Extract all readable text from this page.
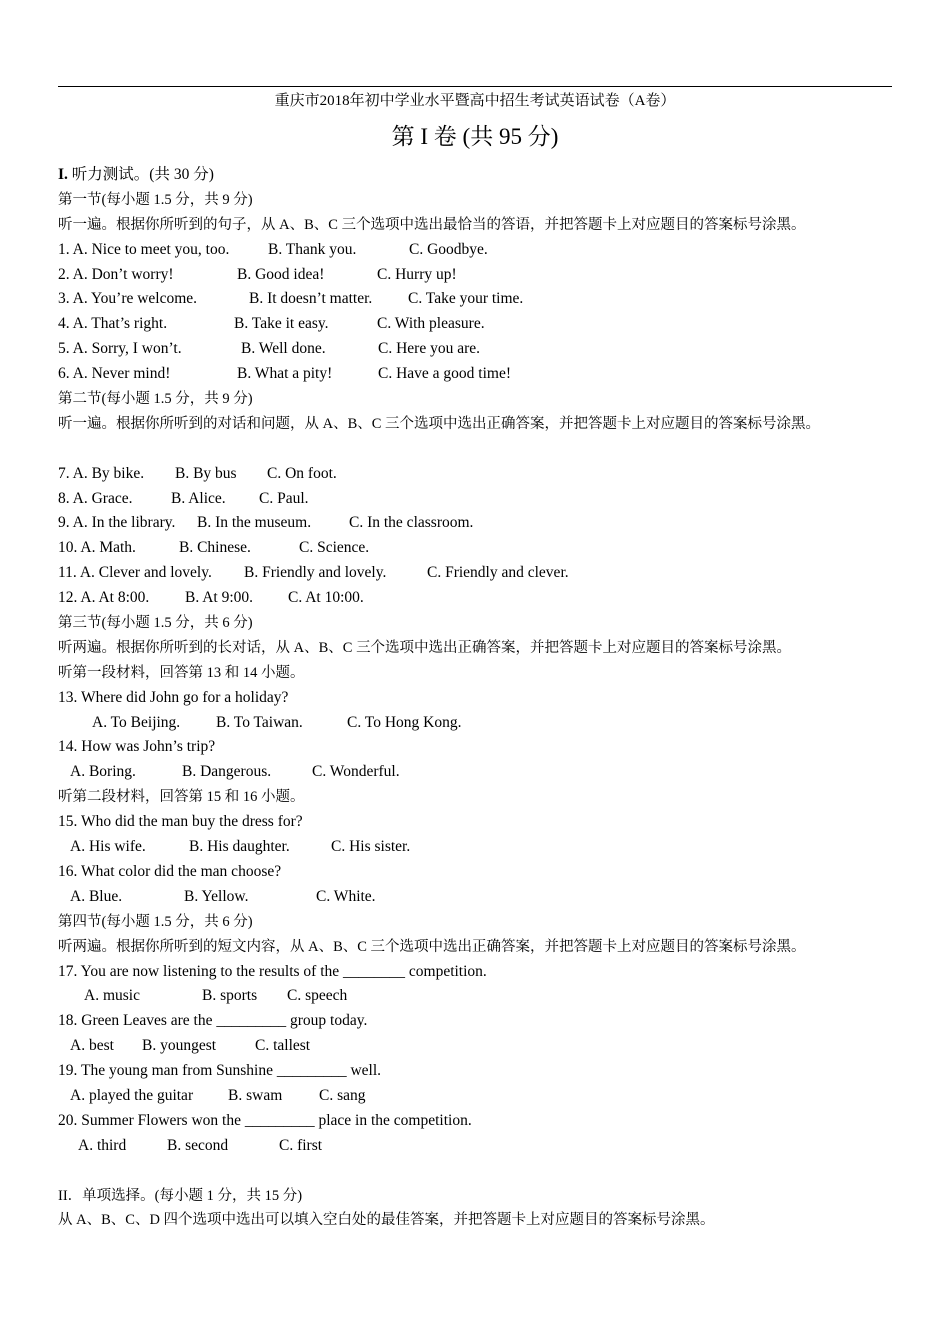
重庆市2018年初中学业水平暨高中招生考试英语试卷（A卷）
第 I 卷 (共 95 分)
I. 听力测试。(共 30 分)
第一节(每小题 1.5 分，共 9 分)
听一遍。根据你所听到的句子，从 A、B、C 三个选项中选出最恰当的答语，并把答题卡上对应题目的答案标号涂黑。
1. A. Nice to meet you, too. B. Thank you.	C. Goodbye.
2. A. Don’t worry!	B. Good idea!	C. Hurry up!
3. A. You’re welcome.	B. It doesn’t matter. C. Take your time.
4. A. That’s right.	B. Take it easy.	C. With pleasure.
5. A. Sorry, I won’t.	B. Well done.	C. Here you are.
6. A. Never mind!	B. What a pity!	C. Have a good time!
第二节(每小题 1.5 分，共 9 分)
听一遍。根据你所听到的对话和问题，从 A、B、C 三个选项中选出正确答案，并把答题卡上对应题目的答案标号涂黑。
7. A. By bike. B. By bus C. On foot.
8. A. Grace. B. Alice. C. Paul.
9. A. In the library. B. In the museum. C. In the classroom.
10. A. Math.	B. Chinese.	C. Science.
11. A. Clever and lovely. B. Friendly and lovely.	C. Friendly and clever.
12. A. At 8:00. B. At 9:00. C. At 10:00.
第三节(每小题 1.5 分，共 6 分)
听两遍。根据你所听到的长对话，从 A、B、C 三个选项中选出正确答案，并把答题卡上对应题目的答案标号涂黑。
听第一段材料，回答第 13 和 14 小题。
13. Where did John go for a holiday?
A. To Beijing. B. To Taiwan.	C. To Hong Kong.
14. How was John’s trip?
A. Boring.	B. Dangerous.	C. Wonderful.
听第二段材料，回答第 15 和 16 小题。
15. Who did the man buy the dress for?
A. His wife.	B. His daughter.	C. His sister.
16. What color did the man choose?
A. Blue.	B. Yellow.	C. White.
第四节(每小题 1.5 分，共 6 分)
听两遍。根据你所听到的短文内容，从 A、B、C 三个选项中选出正确答案，并把答题卡上对应题目的答案标号涂黑。
17. You are now listening to the results of the ________ competition.
A. music	B. sports C. speech
18. Green Leaves are the _________ group today.
A. best B. youngest	C. tallest
19. The young man from Sunshine _________ well.
A. played the guitar B. swam C. sang
20. Summer Flowers won the _________ place in the competition.
A. third	B. second	C. first
II．单项选择。(每小题 1 分，共 15 分)
从 A、B、C、D 四个选项中选出可以填入空白处的最佳答案，并把答题卡上对应题目的答案标号涂黑。
